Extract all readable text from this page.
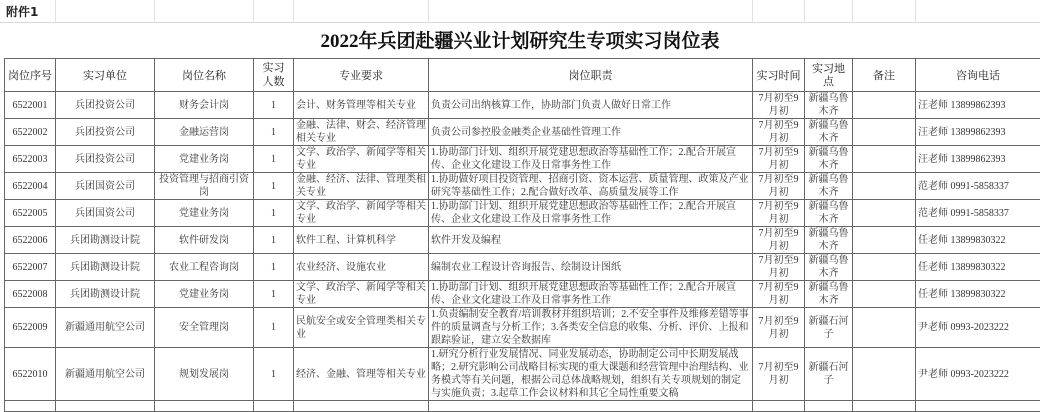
附件1
2022年兵团赴疆兴业计划研究生专项实习岗位表
岗位序号	实习单位	岗位名称	实习人数	专业要求	岗位职责	实习时间	实习地点	备注	咨询电话
6522001	兵团投资公司	财务会计岗	1	会计、财务管理等相关专业	负责公司出纳核算工作，协助部门负责人做好日常工作	7月初至9月初	新疆乌鲁木齐		汪老师 13899862393
6522002	兵团投资公司	金融运营岗	1	金融、法律、财会、经济管理相关专业	负责公司参控股金融类企业基础性管理工作	7月初至9月初	新疆乌鲁木齐		汪老师 13899862393
6522003	兵团投资公司	党建业务岗	1	文学、政治学、新闻学等相关专业	1.协助部门计划、组织开展党建思想政治等基础性工作；2.配合开展宣传、企业文化建设工作及日常事务性工作	7月初至9月初	新疆乌鲁木齐		汪老师 13899862393
6522004	兵团国资公司	投资管理与招商引资岗	1	金融、经济、法律、管理类相关专业	1.协助做好项目投资管理、招商引资、资本运营、质量管理、政策及产业研究等基础性工作；2.配合做好改革、高质量发展等工作	7月初至9月初	新疆乌鲁木齐		范老师 0991-5858337
6522005	兵团国资公司	党建业务岗	1	文学、政治学、新闻学等相关专业	1.协助部门计划、组织开展党建思想政治等基础性工作；2.配合开展宣传、企业文化建设工作及日常事务性工作	7月初至9月初	新疆乌鲁木齐		范老师 0991-5858337
6522006	兵团勘测设计院	软件研发岗	1	软件工程、计算机科学	软件开发及编程	7月初至9月初	新疆乌鲁木齐		任老师 13899830322
6522007	兵团勘测设计院	农业工程咨询岗	1	农业经济、设施农业	编制农业工程设计咨询报告、绘制设计图纸	7月初至9月初	新疆乌鲁木齐		任老师 13899830322
6522008	兵团勘测设计院	党建业务岗	1	文学、政治学、新闻学等相关专业	1.协助部门计划、组织开展党建思想政治等基础性工作；2.配合开展宣传、企业文化建设工作及日常事务性工作	7月初至9月初	新疆乌鲁木齐		任老师 13899830322
6522009	新疆通用航空公司	安全管理岗	1	民航安全或安全管理类相关专业	1.负责编制安全教育/培训教材并组织培训；2.不安全事件及维修差错等事件的质量调查与分析工作；3.各类安全信息的收集、分析、评价、上报和跟踪验证，建立安全数据库	7月初至9月初	新疆石河子		尹老师 0993-2023222
6522010	新疆通用航空公司	规划发展岗	1	经济、金融、管理等相关专业	1.研究分析行业发展情况、同业发展动态，协助制定公司中长期发展战略；2.研究影响公司战略目标实现的重大课题和经营管理中治理结构、业务模式等有关问题，根据公司总体战略规划，组织有关专项规划的制定与实施负责；3.起草工作会议材料和其它全局性重要文稿	7月初至9月初	新疆石河子		尹老师 0993-2023222
